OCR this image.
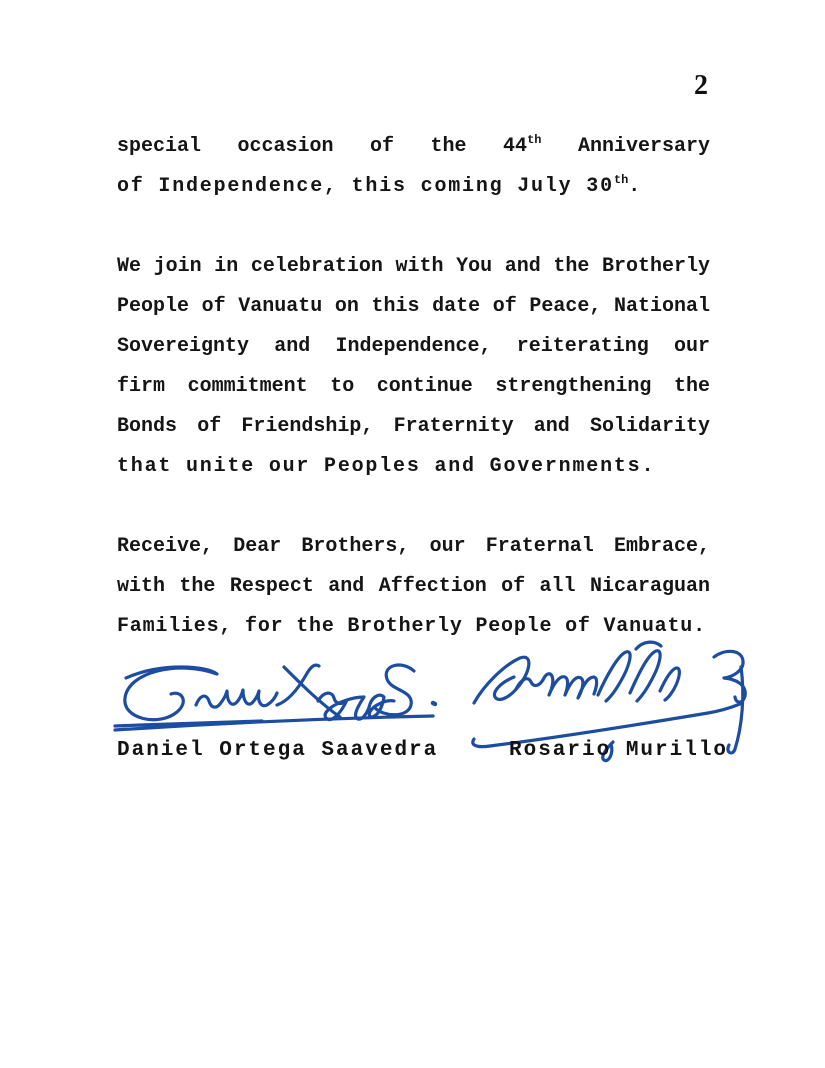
2
special occasion of the 44th Anniversary
of Independence, this coming July 30th.
We join in celebration with You and the Brotherly
People of Vanuatu on this date of Peace, National
Sovereignty and Independence, reiterating our
firm commitment to continue strengthening the
Bonds of Friendship, Fraternity and Solidarity
that unite our Peoples and Governments.
Receive, Dear Brothers, our Fraternal Embrace,
with the Respect and Affection of all Nicaraguan
Families, for the Brotherly People of Vanuatu.
Daniel Ortega Saavedra	Rosario Murillo
